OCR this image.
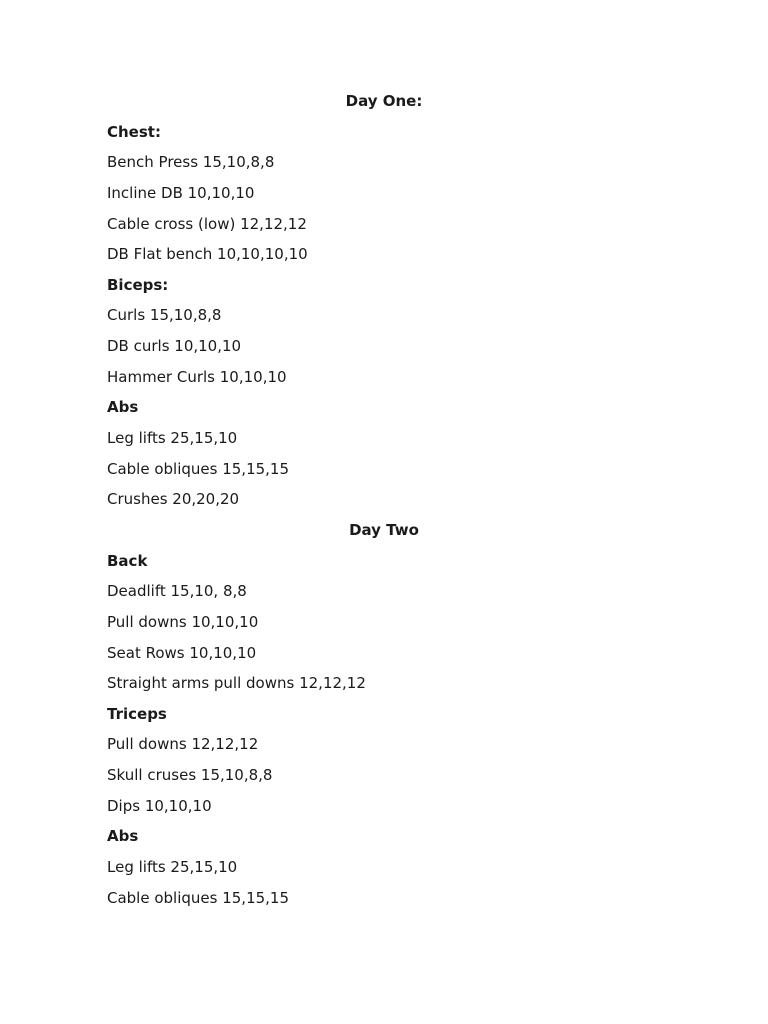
Day One:
Chest:
Bench Press 15,10,8,8
Incline DB 10,10,10
Cable cross (low) 12,12,12
DB Flat bench 10,10,10,10
Biceps:
Curls 15,10,8,8
DB curls 10,10,10
Hammer Curls 10,10,10
Abs
Leg lifts 25,15,10
Cable obliques 15,15,15
Crushes 20,20,20
Day Two
Back
Deadlift 15,10, 8,8
Pull downs 10,10,10
Seat Rows 10,10,10
Straight arms pull downs 12,12,12
Triceps
Pull downs 12,12,12
Skull cruses 15,10,8,8
Dips 10,10,10
Abs
Leg lifts 25,15,10
Cable obliques 15,15,15
